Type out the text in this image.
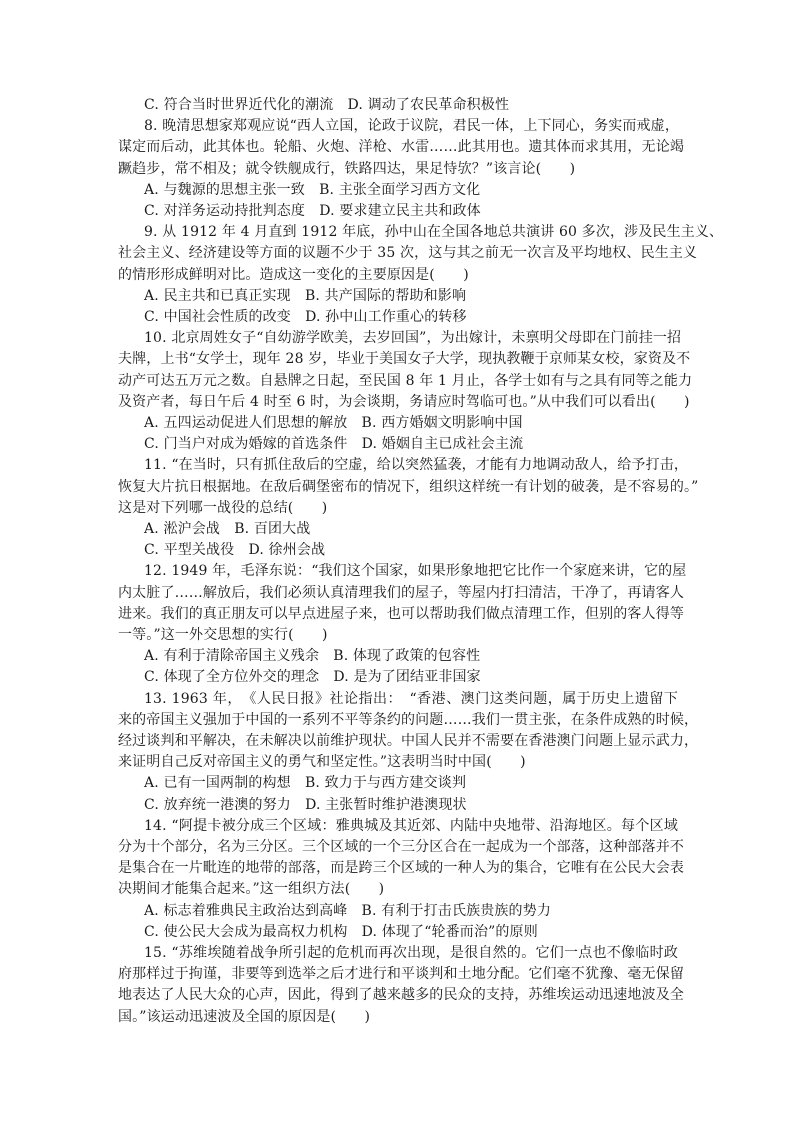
C. 符合当时世界近代化的潮流　D. 调动了农民革命积极性
8. 晚清思想家郑观应说“西人立国，论政于议院，君民一体，上下同心，务实而戒虚，
谋定而后动，此其体也。轮船、火炮、洋枪、水雷……此其用也。遗其体而求其用，无论竭
蹶趋步，常不相及；就令铁舰成行，铁路四达，果足恃欤？”该言论(　　)
A. 与魏源的思想主张一致　B. 主张全面学习西方文化
C. 对洋务运动持批判态度　D. 要求建立民主共和政体
9. 从 1912 年 4 月直到 1912 年底，孙中山在全国各地总共演讲 60 多次，涉及民生主义、
社会主义、经济建设等方面的议题不少于 35 次，这与其之前无一次言及平均地权、民生主义
的情形形成鲜明对比。造成这一变化的主要原因是(　　)
A. 民主共和已真正实现　B. 共产国际的帮助和影响
C. 中国社会性质的改变　D. 孙中山工作重心的转移
10. 北京周姓女子“自幼游学欧美，去岁回国”，为出嫁计，未禀明父母即在门前挂一招
夫牌，上书“女学士，现年 28 岁，毕业于美国女子大学，现执教鞭于京师某女校，家资及不
动产可达五万元之数。自悬牌之日起，至民国 8 年 1 月止，各学士如有与之具有同等之能力
及资产者，每日午后 4 时至 6 时，为会谈期，务请应时驾临可也。”从中我们可以看出(　　)
A. 五四运动促进人们思想的解放　B. 西方婚姻文明影响中国
C. 门当户对成为婚嫁的首选条件　D. 婚姻自主已成社会主流
11. “在当时，只有抓住敌后的空虚，给以突然猛袭，才能有力地调动敌人，给予打击，
恢复大片抗日根据地。在敌后碉堡密布的情况下，组织这样统一有计划的破袭，是不容易的。”
这是对下列哪一战役的总结(　　)
A. 淞沪会战　B. 百团大战
C. 平型关战役　D. 徐州会战
12. 1949 年，毛泽东说：“我们这个国家，如果形象地把它比作一个家庭来讲，它的屋
内太脏了……解放后，我们必须认真清理我们的屋子，等屋内打扫清洁，干净了，再请客人
进来。我们的真正朋友可以早点进屋子来，也可以帮助我们做点清理工作，但别的客人得等
一等。”这一外交思想的实行(　　)
A. 有利于清除帝国主义残余　B. 体现了政策的包容性
C. 体现了全方位外交的理念　D. 是为了团结亚非国家
13. 1963 年，　《人民日报》社论指出：　“香港、澳门这类问题，属于历史上遗留下
来的帝国主义强加于中国的一系列不平等条约的问题……我们一贯主张，在条件成熟的时候，
经过谈判和平解决，在未解决以前维护现状。中国人民并不需要在香港澳门问题上显示武力，
来证明自己反对帝国主义的勇气和坚定性。”这表明当时中国(　　)
A. 已有一国两制的构想　B. 致力于与西方建交谈判
C. 放弃统一港澳的努力　D. 主张暂时维护港澳现状
14. “阿提卡被分成三个区域：雅典城及其近郊、内陆中央地带、沿海地区。每个区域
分为十个部分，名为三分区。三个区域的一个三分区合在一起成为一个部落，这种部落并不
是集合在一片毗连的地带的部落，而是跨三个区域的一种人为的集合，它唯有在公民大会表
决期间才能集合起来。”这一组织方法(　　)
A. 标志着雅典民主政治达到高峰　B. 有利于打击氏族贵族的势力
C. 使公民大会成为最高权力机构　D. 体现了“轮番而治”的原则
15. “苏维埃随着战争所引起的危机而再次出现，是很自然的。它们一点也不像临时政
府那样过于拘谨，非要等到选举之后才进行和平谈判和土地分配。它们毫不犹豫、毫无保留
地表达了人民大众的心声，因此，得到了越来越多的民众的支持，苏维埃运动迅速地波及全
国。”该运动迅速波及全国的原因是(　　)
